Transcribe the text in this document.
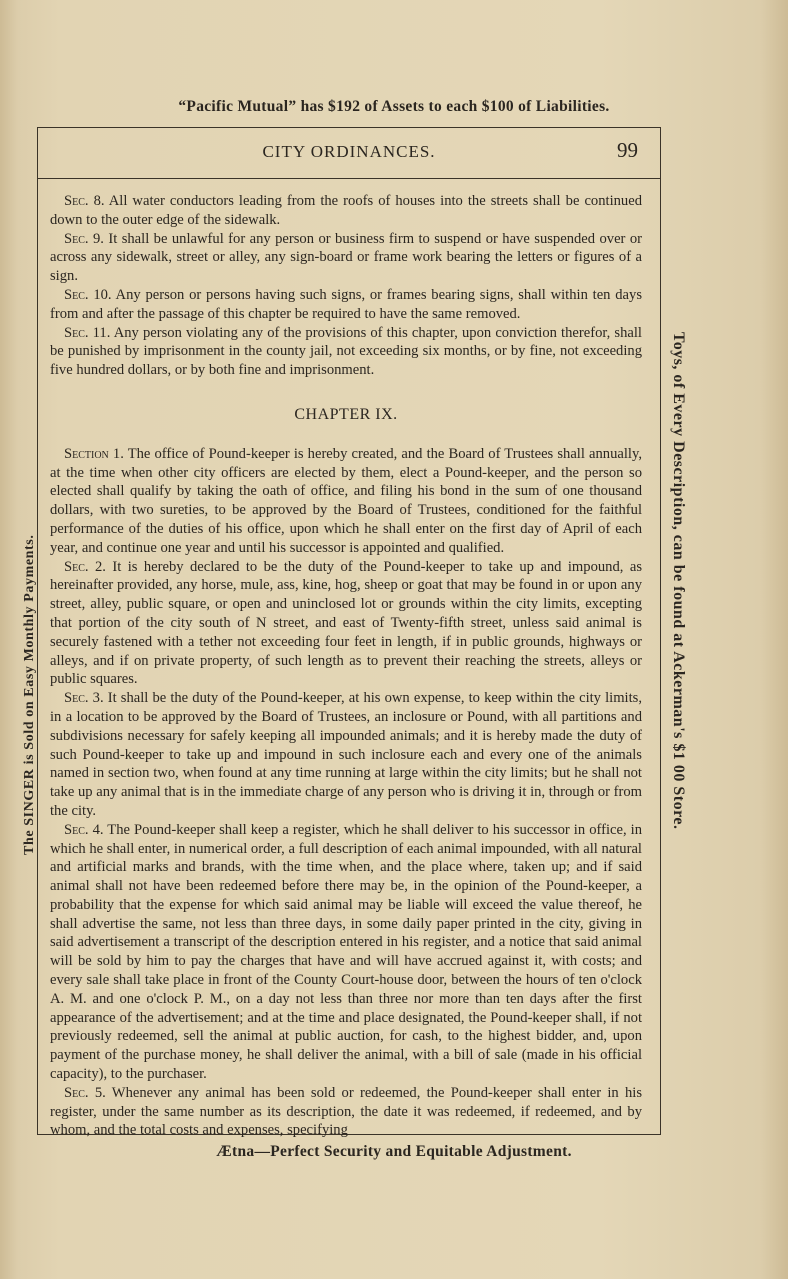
“Pacific Mutual” has $192 of Assets to each $100 of Liabilities.
CITY ORDINANCES.	99

Sec. 8. All water conductors leading from the roofs of houses into the streets shall be continued down to the outer edge of the sidewalk.

Sec. 9. It shall be unlawful for any person or business firm to suspend or have suspended over or across any sidewalk, street or alley, any sign-board or frame work bearing the letters or figures of a sign.

Sec. 10. Any person or persons having such signs, or frames bearing signs, shall within ten days from and after the passage of this chapter be required to have the same removed.

Sec. 11. Any person violating any of the provisions of this chapter, upon conviction therefor, shall be punished by imprisonment in the county jail, not exceeding six months, or by fine, not exceeding five hundred dollars, or by both fine and imprisonment.

CHAPTER IX.

Section 1. The office of Pound-keeper is hereby created, and the Board of Trustees shall annually, at the time when other city officers are elected by them, elect a Pound-keeper, and the person so elected shall qualify by taking the oath of office, and filing his bond in the sum of one thousand dollars, with two sureties, to be approved by the Board of Trustees, conditioned for the faithful performance of the duties of his office, upon which he shall enter on the first day of April of each year, and continue one year and until his successor is appointed and qualified.

Sec. 2. It is hereby declared to be the duty of the Pound-keeper to take up and impound, as hereinafter provided, any horse, mule, ass, kine, hog, sheep or goat that may be found in or upon any street, alley, public square, or open and uninclosed lot or grounds within the city limits, excepting that portion of the city south of N street, and east of Twenty-fifth street, unless said animal is securely fastened with a tether not exceeding four feet in length, if in public grounds, highways or alleys, and if on private property, of such length as to prevent their reaching the streets, alleys or public squares.

Sec. 3. It shall be the duty of the Pound-keeper, at his own expense, to keep within the city limits, in a location to be approved by the Board of Trustees, an inclosure or Pound, with all partitions and subdivisions necessary for safely keeping all impounded animals; and it is hereby made the duty of such Pound-keeper to take up and impound in such inclosure each and every one of the animals named in section two, when found at any time running at large within the city limits; but he shall not take up any animal that is in the immediate charge of any person who is driving it in, through or from the city.

Sec. 4. The Pound-keeper shall keep a register, which he shall deliver to his successor in office, in which he shall enter, in numerical order, a full description of each animal impounded, with all natural and artificial marks and brands, with the time when, and the place where, taken up; and if said animal shall not have been redeemed before there may be, in the opinion of the Pound-keeper, a probability that the expense for which said animal may be liable will exceed the value thereof, he shall advertise the same, not less than three days, in some daily paper printed in the city, giving in said advertisement a transcript of the description entered in his register, and a notice that said animal will be sold by him to pay the charges that have and will have accrued against it, with costs; and every sale shall take place in front of the County Court-house door, between the hours of ten o'clock A. M. and one o'clock P. M., on a day not less than three nor more than ten days after the first appearance of the advertisement; and at the time and place designated, the Pound-keeper shall, if not previously redeemed, sell the animal at public auction, for cash, to the highest bidder, and, upon payment of the purchase money, he shall deliver the animal, with a bill of sale (made in his official capacity), to the purchaser.

Sec. 5. Whenever any animal has been sold or redeemed, the Pound-keeper shall enter in his register, under the same number as its description, the date it was redeemed, if redeemed, and by whom, and the total costs and expenses, specifying

The SINGER is Sold on Easy Monthly Payments.	Toys, of Every Description, can be found at Ackerman's $1 00 Store.
Ætna—Perfect Security and Equitable Adjustment.
